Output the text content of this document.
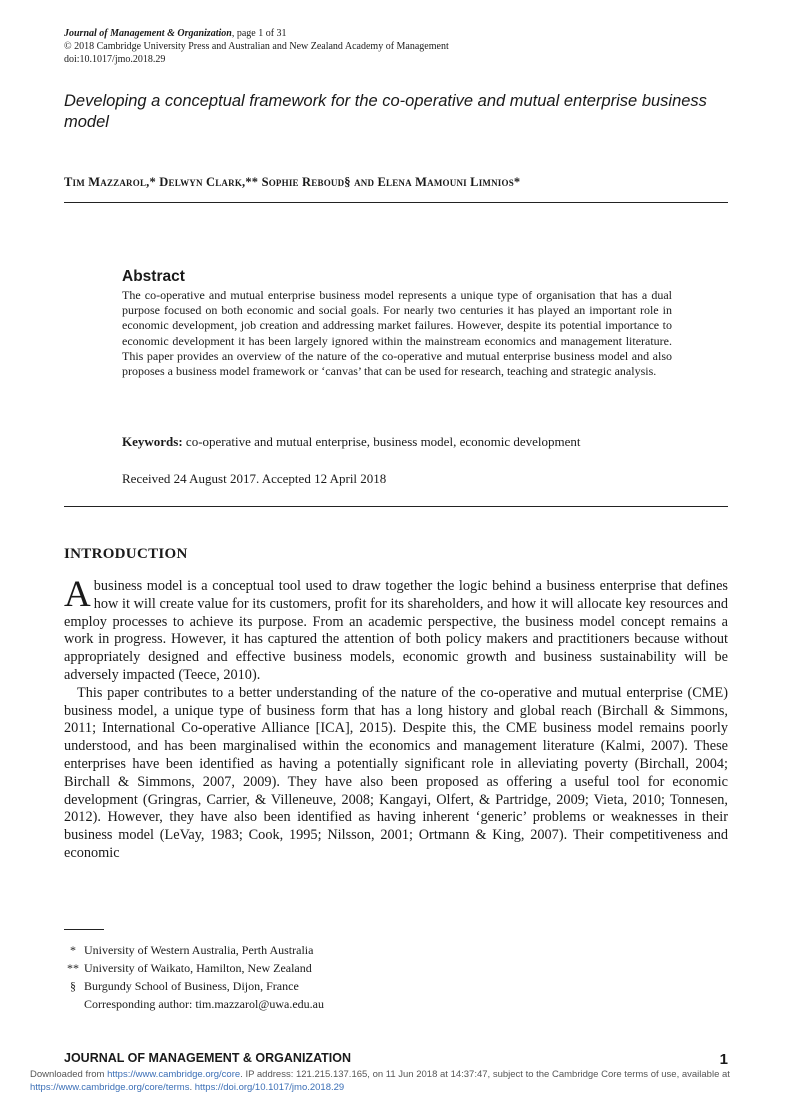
Journal of Management & Organization, page 1 of 31
© 2018 Cambridge University Press and Australian and New Zealand Academy of Management
doi:10.1017/jmo.2018.29
Developing a conceptual framework for the co-operative and mutual enterprise business model
Tim Mazzarol,* Delwyn Clark,** Sophie Reboud§ and Elena Mamouni Limnios*
Abstract

The co-operative and mutual enterprise business model represents a unique type of organisation that has a dual purpose focused on both economic and social goals. For nearly two centuries it has played an important role in economic development, job creation and addressing market failures. However, despite its potential importance to economic development it has been largely ignored within the mainstream economics and management literature. This paper provides an overview of the nature of the co-operative and mutual enterprise business model and also proposes a business model framework or ‘canvas’ that can be used for research, teaching and strategic analysis.

Keywords: co-operative and mutual enterprise, business model, economic development
Received 24 August 2017. Accepted 12 April 2018
INTRODUCTION

Abusiness model is a conceptual tool used to draw together the logic behind a business enterprise that defines how it will create value for its customers, profit for its shareholders, and how it will allocate key resources and employ processes to achieve its purpose. From an academic perspective, the business model concept remains a work in progress. However, it has captured the attention of both policy makers and practitioners because without appropriately designed and effective business models, economic growth and business sustainability will be adversely impacted (Teece, 2010).

This paper contributes to a better understanding of the nature of the co-operative and mutual enterprise (CME) business model, a unique type of business form that has a long history and global reach (Birchall & Simmons, 2011; International Co-operative Alliance [ICA], 2015). Despite this, the CME business model remains poorly understood, and has been marginalised within the economics and management literature (Kalmi, 2007). These enterprises have been identified as having a potentially significant role in alleviating poverty (Birchall, 2004; Birchall & Simmons, 2007, 2009). They have also been proposed as offering a useful tool for economic development (Gringras, Carrier, & Villeneuve, 2008; Kangayi, Olfert, & Partridge, 2009; Vieta, 2010; Tonnesen, 2012). However, they have also been identified as having inherent ‘generic’ problems or weaknesses in their business model (LeVay, 1983; Cook, 1995; Nilsson, 2001; Ortmann & King, 2007). Their competitiveness and economic

* University of Western Australia, Perth Australia
** University of Waikato, Hamilton, New Zealand
§ Burgundy School of Business, Dijon, France
Corresponding author: tim.mazzarol@uwa.edu.au
JOURNAL OF MANAGEMENT & ORGANIZATION	1
Downloaded from https://www.cambridge.org/core. IP address: 121.215.137.165, on 11 Jun 2018 at 14:37:47, subject to the Cambridge Core terms of use, available at https://www.cambridge.org/core/terms. https://doi.org/10.1017/jmo.2018.29
